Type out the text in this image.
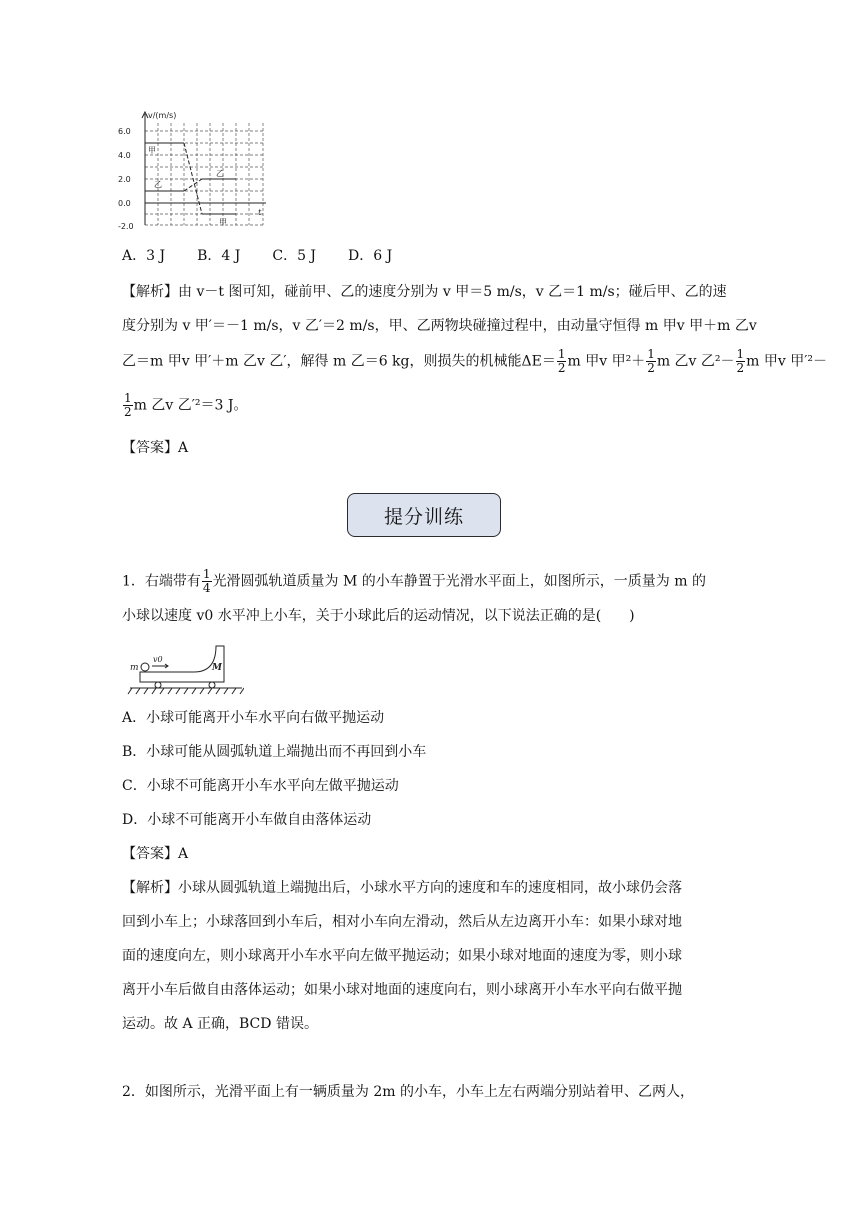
v/(m/s)
t
6.0
4.0
2.0
0.0
-2.0
甲
乙
乙
甲
A．3 J B．4 J C．5 J D．6 J
【解析】由 v－t 图可知，碰前甲、乙的速度分别为 v 甲＝5 m/s，v 乙＝1 m/s；碰后甲、乙的速
度分别为 v 甲′＝－1 m/s，v 乙′＝2 m/s，甲、乙两物块碰撞过程中，由动量守恒得 m 甲v 甲＋m 乙v
乙＝m 甲v 甲′＋m 乙v 乙′，解得 m 乙＝6 kg，则损失的机械能$\Delta E= \frac{1}{2}$ m 甲v 甲$^2+ \frac{1}{2}$ m 乙v 乙$^2- \frac{1}{2}$ m 甲v 甲′²－
$\frac{1}{2}$ m 乙v 乙′²＝3 J。
【答案】A
提分训练
1．右端带有 $\frac{1}{4}$ 光滑圆弧轨道质量为 M 的小车静置于光滑水平面上，如图所示，一质量为 m 的
小球以速度 v0 水平冲上小车，关于小球此后的运动情况，以下说法正确的是(　　)
m
v0
M
A．小球可能离开小车水平向右做平抛运动
B．小球可能从圆弧轨道上端抛出而不再回到小车
C．小球不可能离开小车水平向左做平抛运动
D．小球不可能离开小车做自由落体运动
【答案】A
【解析】小球从圆弧轨道上端抛出后，小球水平方向的速度和车的速度相同，故小球仍会落
回到小车上；小球落回到小车后，相对小车向左滑动，然后从左边离开小车：如果小球对地
面的速度向左，则小球离开小车水平向左做平抛运动；如果小球对地面的速度为零，则小球
离开小车后做自由落体运动；如果小球对地面的速度向右，则小球离开小车水平向右做平抛
运动。故 A 正确，BCD 错误。
2．如图所示，光滑平面上有一辆质量为 2m 的小车，小车上左右两端分别站着甲、乙两人，
